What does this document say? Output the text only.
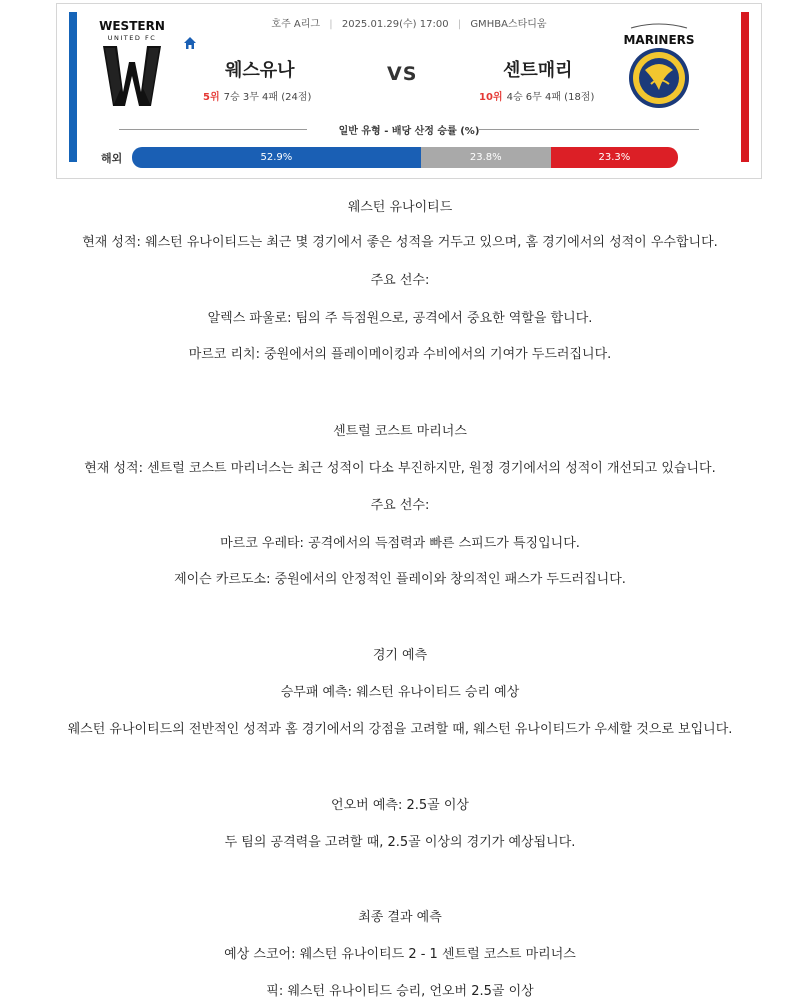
호주 A리그 | 2025.01.29(수) 17:00 | GMHBA스타디움
WESTERN
UNITED FC
웨스유나	VS	센트매리
5위 7승 3무 4패 (24점)	10위 4승 6무 4패 (18점)
MARINERS
일반 유형 - 배당 산정 승률 (%)
해외	52.9%	23.8%	23.3%
웨스턴 유나이티드
현재 성적: 웨스턴 유나이티드는 최근 몇 경기에서 좋은 성적을 거두고 있으며, 홈 경기에서의 성적이 우수합니다.
주요 선수:
알렉스 파울로: 팀의 주 득점원으로, 공격에서 중요한 역할을 합니다.
마르코 리치: 중원에서의 플레이메이킹과 수비에서의 기여가 두드러집니다.
센트럴 코스트 마리너스
현재 성적: 센트럴 코스트 마리너스는 최근 성적이 다소 부진하지만, 원정 경기에서의 성적이 개선되고 있습니다.
주요 선수:
마르코 우레타: 공격에서의 득점력과 빠른 스피드가 특징입니다.
제이슨 카르도소: 중원에서의 안정적인 플레이와 창의적인 패스가 두드러집니다.
경기 예측
승무패 예측: 웨스턴 유나이티드 승리 예상
웨스턴 유나이티드의 전반적인 성적과 홈 경기에서의 강점을 고려할 때, 웨스턴 유나이티드가 우세할 것으로 보입니다.
언오버 예측: 2.5골 이상
두 팀의 공격력을 고려할 때, 2.5골 이상의 경기가 예상됩니다.
최종 결과 예측
예상 스코어: 웨스턴 유나이티드 2 - 1 센트럴 코스트 마리너스
픽: 웨스턴 유나이티드 승리, 언오버 2.5골 이상
